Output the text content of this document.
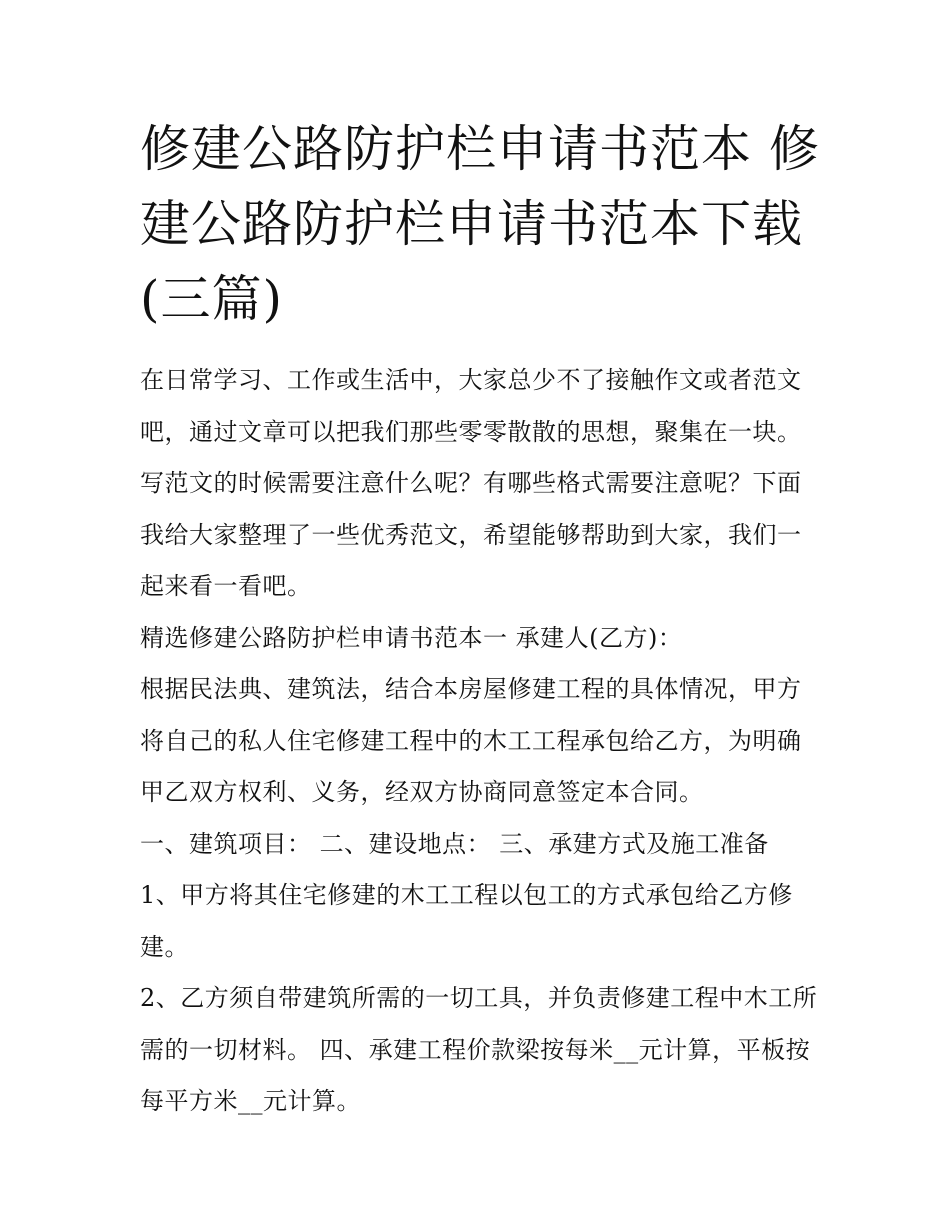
修建公路防护栏申请书范本 修建公路防护栏申请书范本下载(三篇)

在日常学习、工作或生活中，大家总少不了接触作文或者范文吧，通过文章可以把我们那些零零散散的思想，聚集在一块。写范文的时候需要注意什么呢？有哪些格式需要注意呢？下面我给大家整理了一些优秀范文，希望能够帮助到大家，我们一起来看一看吧。

精选修建公路防护栏申请书范本一 承建人(乙方)：

根据民法典、建筑法，结合本房屋修建工程的具体情况，甲方将自己的私人住宅修建工程中的木工工程承包给乙方，为明确甲乙双方权利、义务，经双方协商同意签定本合同。

一、建筑项目： 二、建设地点： 三、承建方式及施工准备

1、甲方将其住宅修建的木工工程以包工的方式承包给乙方修建。

2、乙方须自带建筑所需的一切工具，并负责修建工程中木工所需的一切材料。 四、承建工程价款梁按每米__元计算，平板按每平方米__元计算。
